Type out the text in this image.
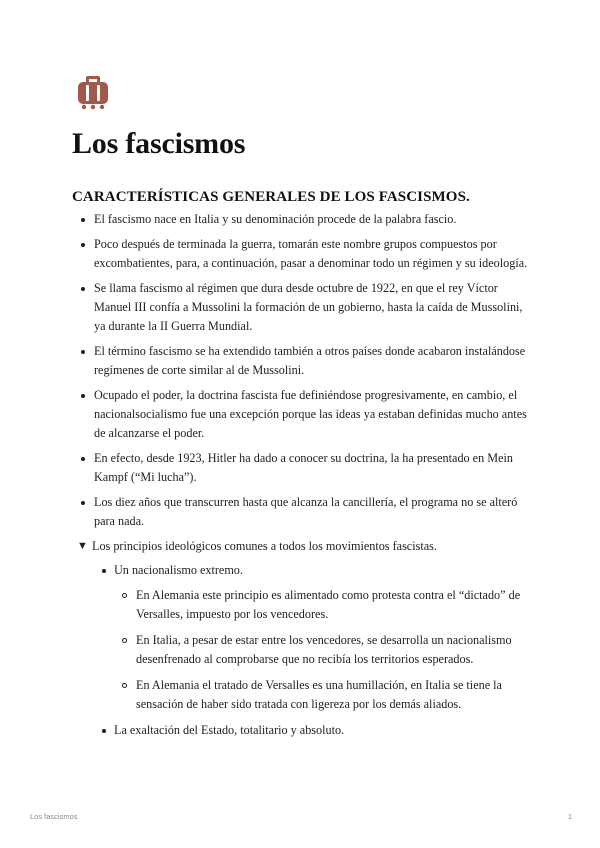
Los fascismos
CARACTERÍSTICAS GENERALES DE LOS FASCISMOS.
El fascismo nace en Italia y su denominación procede de la palabra fascio.
Poco después de terminada la guerra, tomarán este nombre grupos compuestos por excombatientes, para, a continuación, pasar a denominar todo un régimen y su ideología.
Se llama fascismo al régimen que dura desde octubre de 1922, en que el rey Víctor Manuel III confía a Mussolini la formación de un gobierno, hasta la caída de Mussolini, ya durante la II Guerra Mundial.
El término fascismo se ha extendido también a otros países donde acabaron instalándose regímenes de corte similar al de Mussolini.
Ocupado el poder, la doctrina fascista fue definiéndose progresivamente, en cambio, el nacionalsocialismo fue una excepción porque las ideas ya estaban definidas mucho antes de alcanzarse el poder.
En efecto, desde 1923, Hitler ha dado a conocer su doctrina, la ha presentado en Mein Kampf (“Mi lucha”).
Los diez años que transcurren hasta que alcanza la cancillería, el programa no se alteró para nada.
▼ Los principios ideológicos comunes a todos los movimientos fascistas.
Un nacionalismo extremo.
En Alemania este principio es alimentado como protesta contra el “dictado” de Versalles, impuesto por los vencedores.
En Italia, a pesar de estar entre los vencedores, se desarrolla un nacionalismo desenfrenado al comprobarse que no recibía los territorios esperados.
En Alemania el tratado de Versalles es una humillación, en Italia se tiene la sensación de haber sido tratada con ligereza por los demás aliados.
La exaltación del Estado, totalitario y absoluto.
Los fascismos	1
